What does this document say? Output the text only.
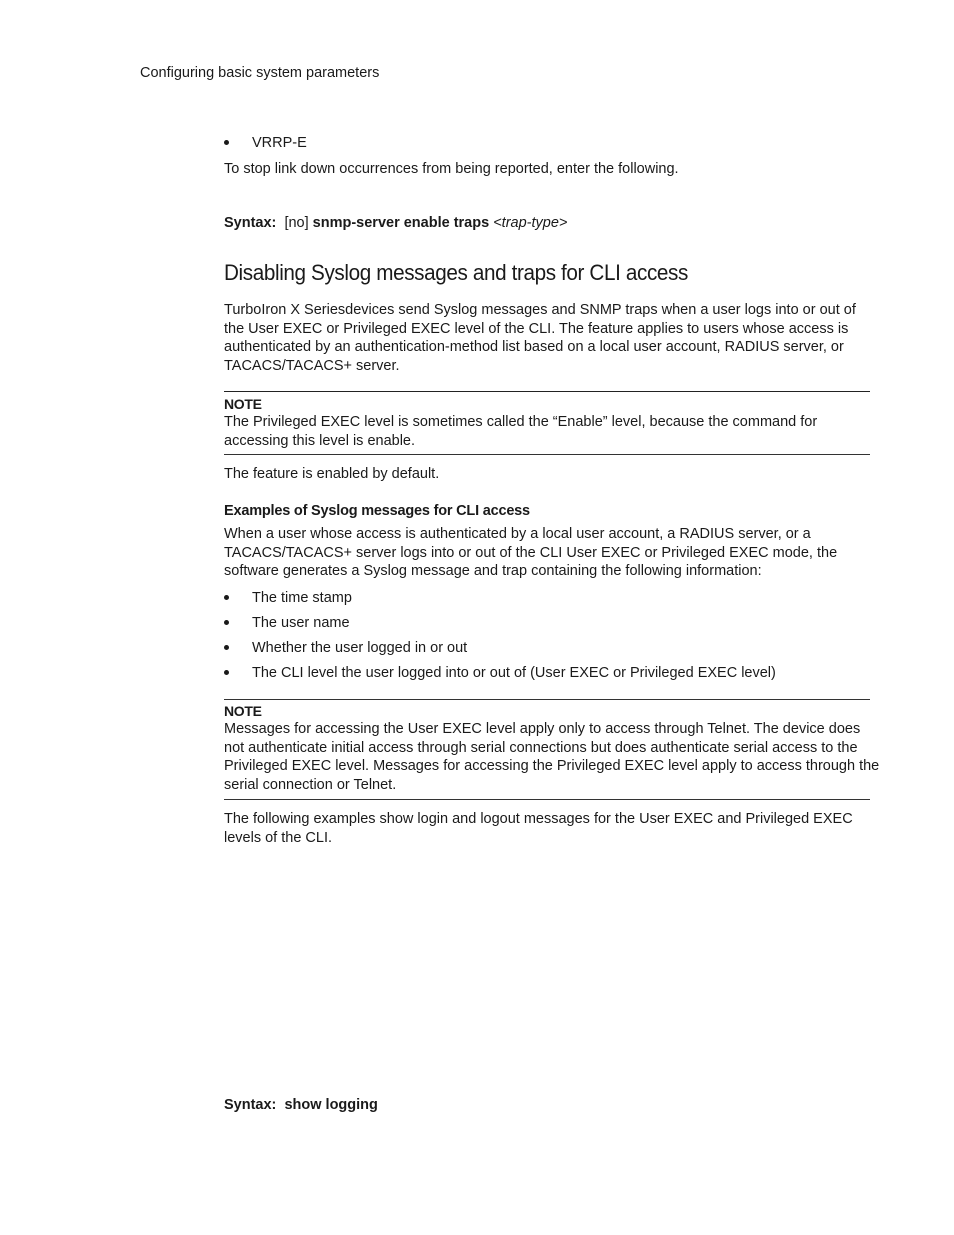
Configuring basic system parameters
VRRP-E

To stop link down occurrences from being reported, enter the following.

Syntax: [no] snmp-server enable traps <trap-type>
Disabling Syslog messages and traps for CLI access

TurboIron X Seriesdevices send Syslog messages and SNMP traps when a user logs into or out of

the User EXEC or Privileged EXEC level of the CLI. The feature applies to users whose access is

authenticated by an authentication-method list based on a local user account, RADIUS server, or

TACACS/TACACS+ server.

NOTE

The Privileged EXEC level is sometimes called the “Enable” level, because the command for

accessing this level is enable.

The feature is enabled by default.

Examples of Syslog messages for CLI access

When a user whose access is authenticated by a local user account, a RADIUS server, or a

TACACS/TACACS+ server logs into or out of the CLI User EXEC or Privileged EXEC mode, the

software generates a Syslog message and trap containing the following information:

The time stamp
The user name
Whether the user logged in or out
The CLI level the user logged into or out of (User EXEC or Privileged EXEC level)
NOTE

Messages for accessing the User EXEC level apply only to access through Telnet. The device does

not authenticate initial access through serial connections but does authenticate serial access to the

Privileged EXEC level. Messages for accessing the Privileged EXEC level apply to access through the

serial connection or Telnet.

The following examples show login and logout messages for the User EXEC and Privileged EXEC

levels of the CLI.

Syntax: show logging
